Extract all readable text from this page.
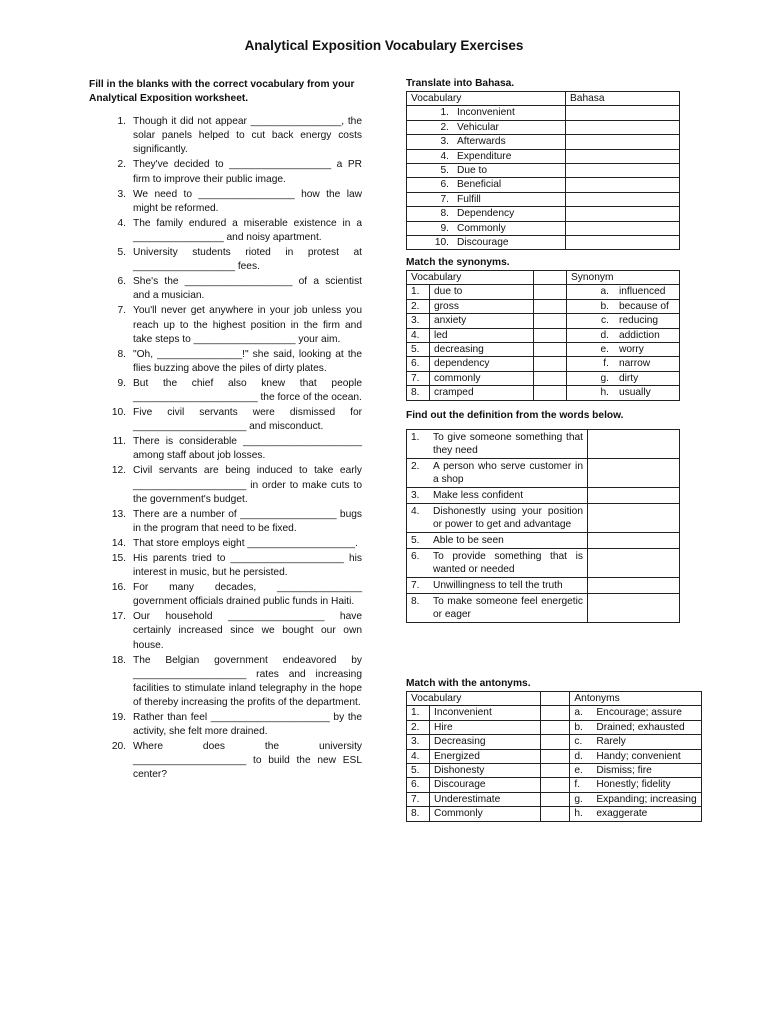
Analytical Exposition Vocabulary Exercises
Fill in the blanks with the correct vocabulary from your Analytical Exposition worksheet.
1. Though it did not appear ________________, the solar panels helped to cut back energy costs significantly.
2. They've decided to __________________ a PR firm to improve their public image.
3. We need to _________________ how the law might be reformed.
4. The family endured a miserable existence in a ________________ and noisy apartment.
5. University students rioted in protest at __________________ fees.
6. She's the ___________________ of a scientist and a musician.
7. You'll never get anywhere in your job unless you reach up to the highest position in the firm and take steps to __________________ your aim.
8. "Oh, _______________!" she said, looking at the flies buzzing above the piles of dirty plates.
9. But the chief also knew that people ______________________ the force of the ocean.
10. Five civil servants were dismissed for ____________________ and misconduct.
11. There is considerable _____________________ among staff about job losses.
12. Civil servants are being induced to take early ____________________ in order to make cuts to the government's budget.
13. There are a number of _________________ bugs in the program that need to be fixed.
14. That store employs eight ___________________.
15. His parents tried to ____________________ his interest in music, but he persisted.
16. For many decades, _______________ government officials drained public funds in Haiti.
17. Our household _________________ have certainly increased since we bought our own house.
18. The Belgian government endeavored by ____________________ rates and increasing facilities to stimulate inland telegraphy in the hope of thereby increasing the profits of the department.
19. Rather than feel _____________________ by the activity, she felt more drained.
20. Where does the university ____________________ to build the new ESL center?
Translate into Bahasa.
Vocabulary	Bahasa

1. Inconvenient	

2. Vehicular	

3. Afterwards	

4. Expenditure	

5. Due to	

6. Beneficial	

7. Fulfill	

8. Dependency	

9. Commonly	

10. Discourage	

Match the synonyms.
Vocabulary			Synonym	
1.	due to		a.	influenced
2.	gross		b.	because of
3.	anxiety		c.	reducing
4.	led		d.	addiction
5.	decreasing		e.	worry
6.	dependency		f.	narrow
7.	commonly		g.	dirty
8.	cramped		h.	usually
Find out the definition from the words below.
1.	To give someone something that they need	
2.	A person who serve customer in a shop	
3.	Make less confident	
4.	Dishonestly using your position or power to get and advantage	
5.	Able to be seen	
6.	To provide something that is wanted or needed	
7.	Unwillingness to tell the truth	
8.	To make someone feel energetic or eager	
Match with the antonyms.
Vocabulary			Antonyms	
1.	Inconvenient		a.	Encourage; assure
2.	Hire		b.	Drained; exhausted
3.	Decreasing		c.	Rarely
4.	Energized		d.	Handy; convenient
5.	Dishonesty		e.	Dismiss; fire
6.	Discourage		f.	Honestly; fidelity
7.	Underestimate		g.	Expanding; increasing
8.	Commonly		h.	exaggerate
